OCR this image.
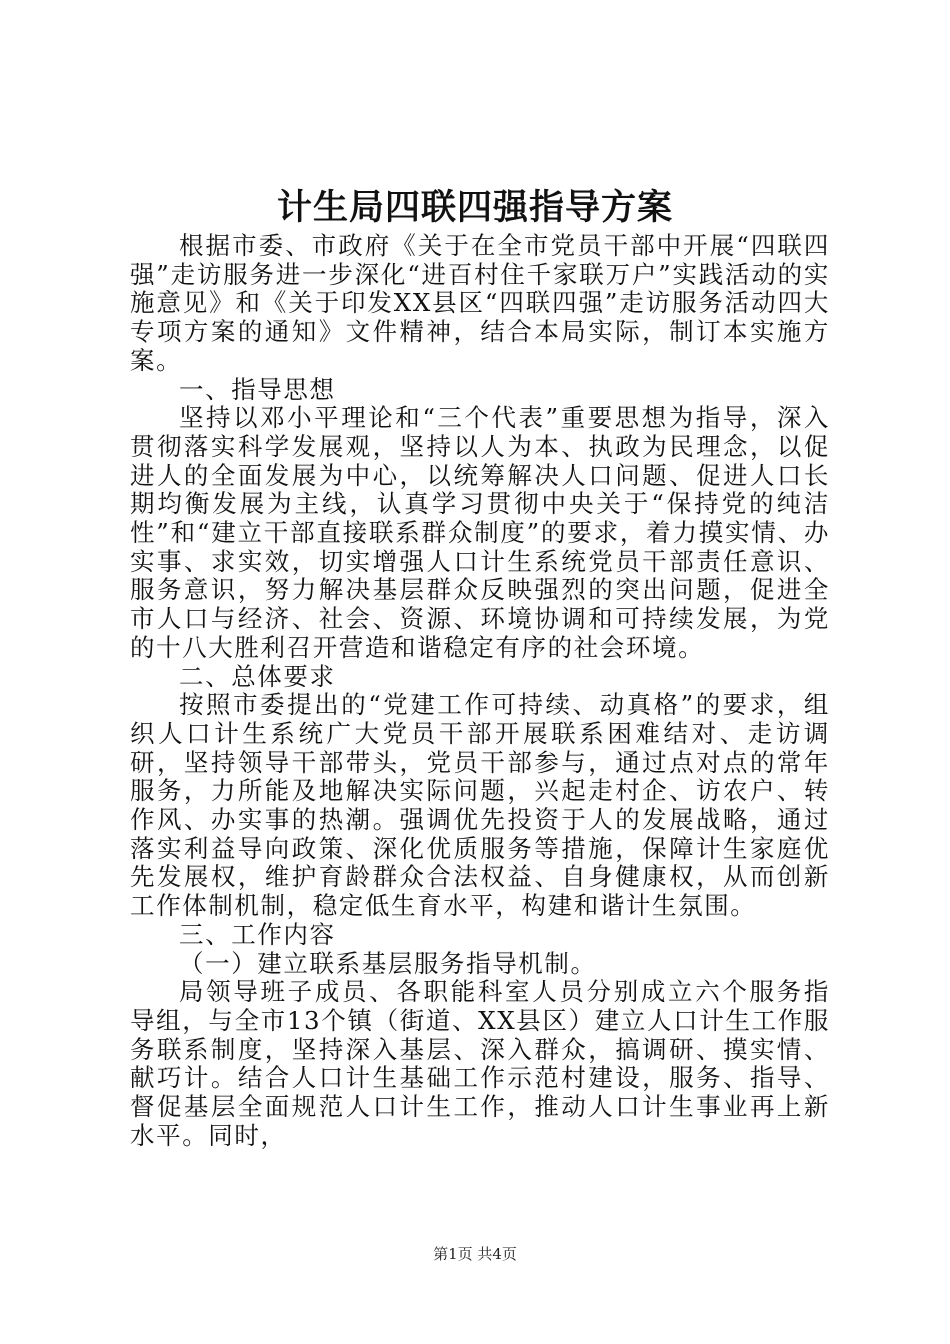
计生局四联四强指导方案

根据市委、市政府《关于在全市党员干部中开展“四联四强”走访服务进一步深化“进百村住千家联万户”实践活动的实施意见》和《关于印发XX县区“四联四强”走访服务活动四大专项方案的通知》文件精神，结合本局实际，制订本实施方案。

一、指导思想

坚持以邓小平理论和“三个代表”重要思想为指导，深入贯彻落实科学发展观，坚持以人为本、执政为民理念，以促进人的全面发展为中心，以统筹解决人口问题、促进人口长期均衡发展为主线，认真学习贯彻中央关于“保持党的纯洁性”和“建立干部直接联系群众制度”的要求，着力摸实情、办实事、求实效，切实增强人口计生系统党员干部责任意识、服务意识，努力解决基层群众反映强烈的突出问题，促进全市人口与经济、社会、资源、环境协调和可持续发展，为党的十八大胜利召开营造和谐稳定有序的社会环境。

二、总体要求

按照市委提出的“党建工作可持续、动真格”的要求，组织人口计生系统广大党员干部开展联系困难结对、走访调研，坚持领导干部带头，党员干部参与，通过点对点的常年服务，力所能及地解决实际问题，兴起走村企、访农户、转作风、办实事的热潮。强调优先投资于人的发展战略，通过落实利益导向政策、深化优质服务等措施，保障计生家庭优先发展权，维护育龄群众合法权益、自身健康权，从而创新工作体制机制，稳定低生育水平，构建和谐计生氛围。

三、工作内容

（一）建立联系基层服务指导机制。

局领导班子成员、各职能科室人员分别成立六个服务指导组，与全市13个镇（街道、XX县区）建立人口计生工作服务联系制度，坚持深入基层、深入群众，搞调研、摸实情、献巧计。结合人口计生基础工作示范村建设，服务、指导、督促基层全面规范人口计生工作，推动人口计生事业再上新水平。同时，

第1页 共4页
